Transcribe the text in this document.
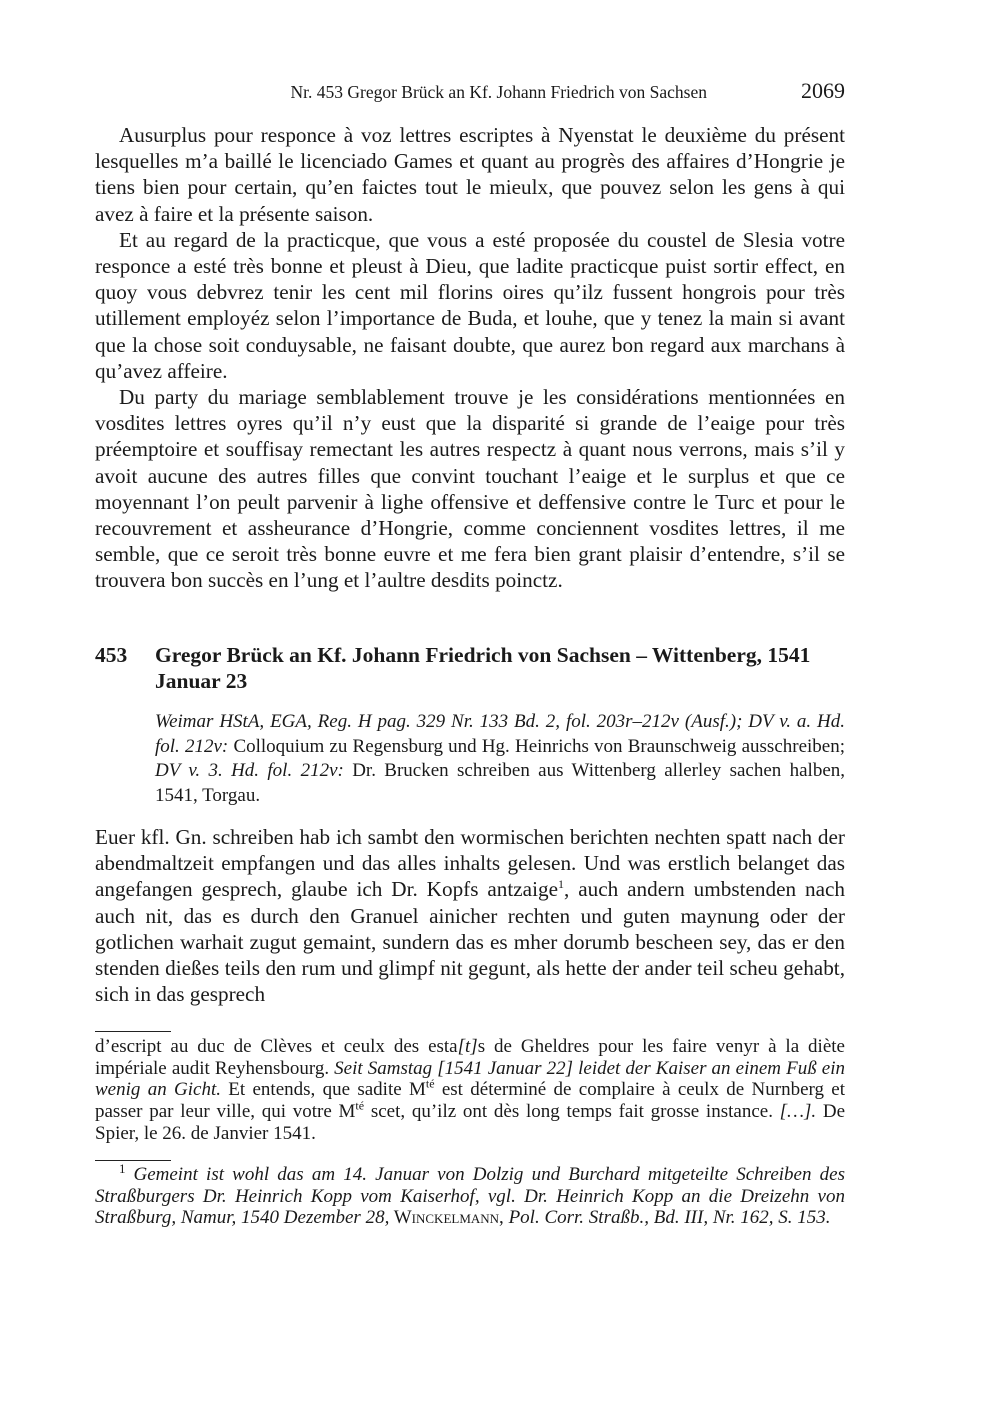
Nr. 453 Gregor Brück an Kf. Johann Friedrich von Sachsen	2069

Ausurplus pour responce à voz lettres escriptes à Nyenstat le deuxième du présent lesquelles m’a baillé le licenciado Games et quant au progrès des affaires d’Hongrie je tiens bien pour certain, qu’en faictes tout le mieulx, que pouvez selon les gens à qui avez à faire et la présente saison.

Et au regard de la practicque, que vous a esté proposée du coustel de Slesia votre responce a esté très bonne et pleust à Dieu, que ladite practicque puist sortir effect, en quoy vous debvrez tenir les cent mil florins oires qu’ilz fussent hongrois pour très utillement employéz selon l’importance de Buda, et louhe, que y tenez la main si avant que la chose soit conduysable, ne faisant doubte, que aurez bon regard aux marchans à qu’avez affeire.

Du party du mariage semblablement trouve je les considérations mentionnées en vosdites lettres oyres qu’il n’y eust que la disparité si grande de l’eaige pour très préemptoire et souffisay remectant les autres respectz à quant nous verrons, mais s’il y avoit aucune des autres filles que convint touchant l’eaige et le surplus et que ce moyennant l’on peult parvenir à lighe offensive et deffensive contre le Turc et pour le recouvrement et assheurance d’Hongrie, comme conciennent vosdites lettres, il me semble, que ce seroit très bonne euvre et me fera bien grant plaisir d’entendre, s’il se trouvera bon succès en l’ung et l’aultre desdits poinctz.

453 Gregor Brück an Kf. Johann Friedrich von Sachsen – Wittenberg, 1541 Januar 23
Weimar HStA, EGA, Reg. H pag. 329 Nr. 133 Bd. 2, fol. 203r–212v (Ausf.); DV v. a. Hd. fol. 212v: Colloquium zu Regensburg und Hg. Heinrichs von Braunschweig ausschreiben; DV v. 3. Hd. fol. 212v: Dr. Brucken schreiben aus Wittenberg allerley sachen halben, 1541, Torgau.

Euer kfl. Gn. schreiben hab ich sambt den wormischen berichten nechten spatt nach der abendmaltzeit empfangen und das alles inhalts gelesen. Und was erstlich belanget das angefangen gesprech, glaube ich Dr. Kopfs antzaige$^1$, auch andern umbstenden nach auch nit, das es durch den Granuel ainicher rechten und guten maynung oder der gotlichen warhait zugut gemaint, sundern das es mher dorumb bescheen sey, das er den stenden dießes teils den rum und glimpf nit gegunt, als hette der ander teil scheu gehabt, sich in das gesprech

d’escript au duc de Clèves et ceulx des esta[t]s de Gheldres pour les faire venyr à la diète impériale audit Reyhensbourg. Seit Samstag [1541 Januar 22] leidet der Kaiser an einem Fuß ein wenig an Gicht. Et entends, que sadite $M^{té}$ est déterminé de complaire à ceulx de Nurnberg et passer par leur ville, qui votre $M^{té}$ scet, qu’ilz ont dès long temps fait grosse instance. […]. De Spier, le 26. de Janvier 1541.
$^1$ Gemeint ist wohl das am 14. Januar von Dolzig und Burchard mitgeteilte Schreiben des Straßburgers Dr. Heinrich Kopp vom Kaiserhof, vgl. Dr. Heinrich Kopp an die Dreizehn von Straßburg, Namur, 1540 Dezember 28, Winckelmann, Pol. Corr. Straßb., Bd. III, Nr. 162, S. 153.
